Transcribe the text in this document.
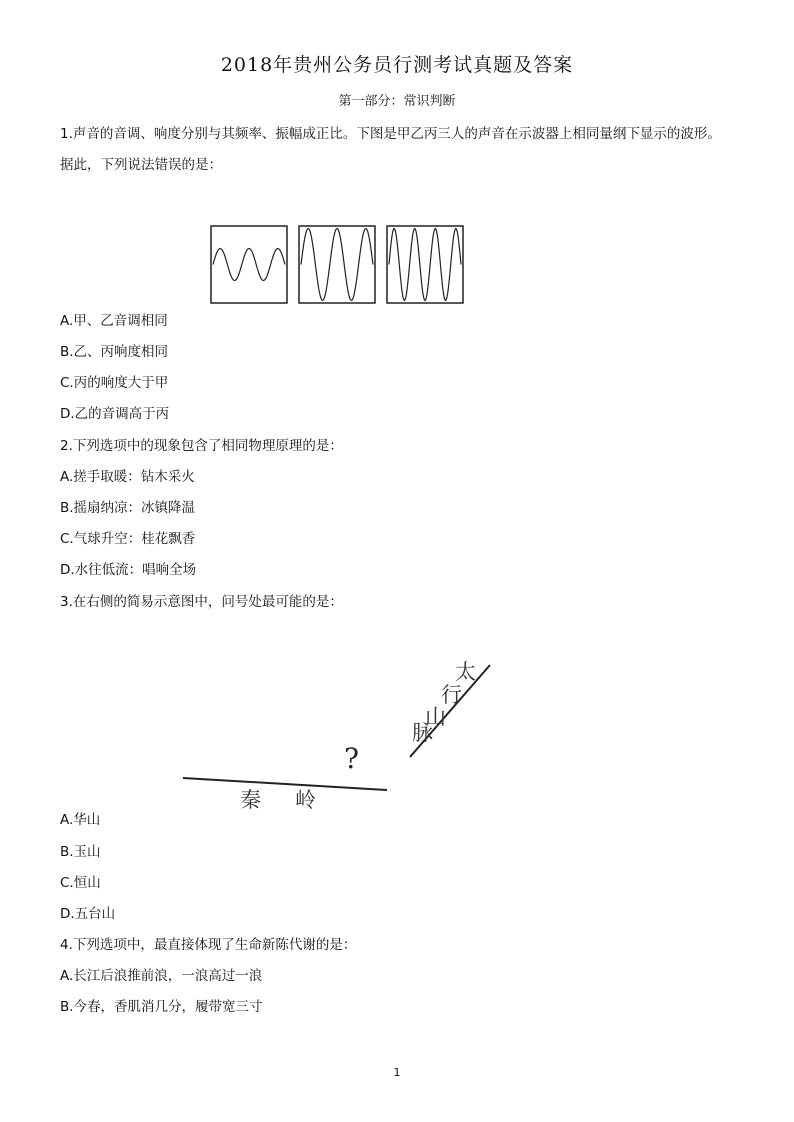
2018年贵州公务员行测考试真题及答案
第一部分：常识判断
1.声音的音调、响度分别与其频率、振幅成正比。下图是甲乙丙三人的声音在示波器上相同量纲下显示的波形。
据此，下列说法错误的是：
A.甲、乙音调相同
B.乙、丙响度相同
C.丙的响度大于甲
D.乙的音调高于丙
2.下列选项中的现象包含了相同物理原理的是：
A.搓手取暖：钻木采火
B.摇扇纳凉：冰镇降温
C.气球升空：桂花飘香
D.水往低流：唱响全场
3.在右侧的简易示意图中，问号处最可能的是：
太
行
山
脉
秦 岭
?
A.华山
B.玉山
C.恒山
D.五台山
4.下列选项中，最直接体现了生命新陈代谢的是：
A.长江后浪推前浪，一浪高过一浪
B.今春，香肌消几分，履带宽三寸
1
